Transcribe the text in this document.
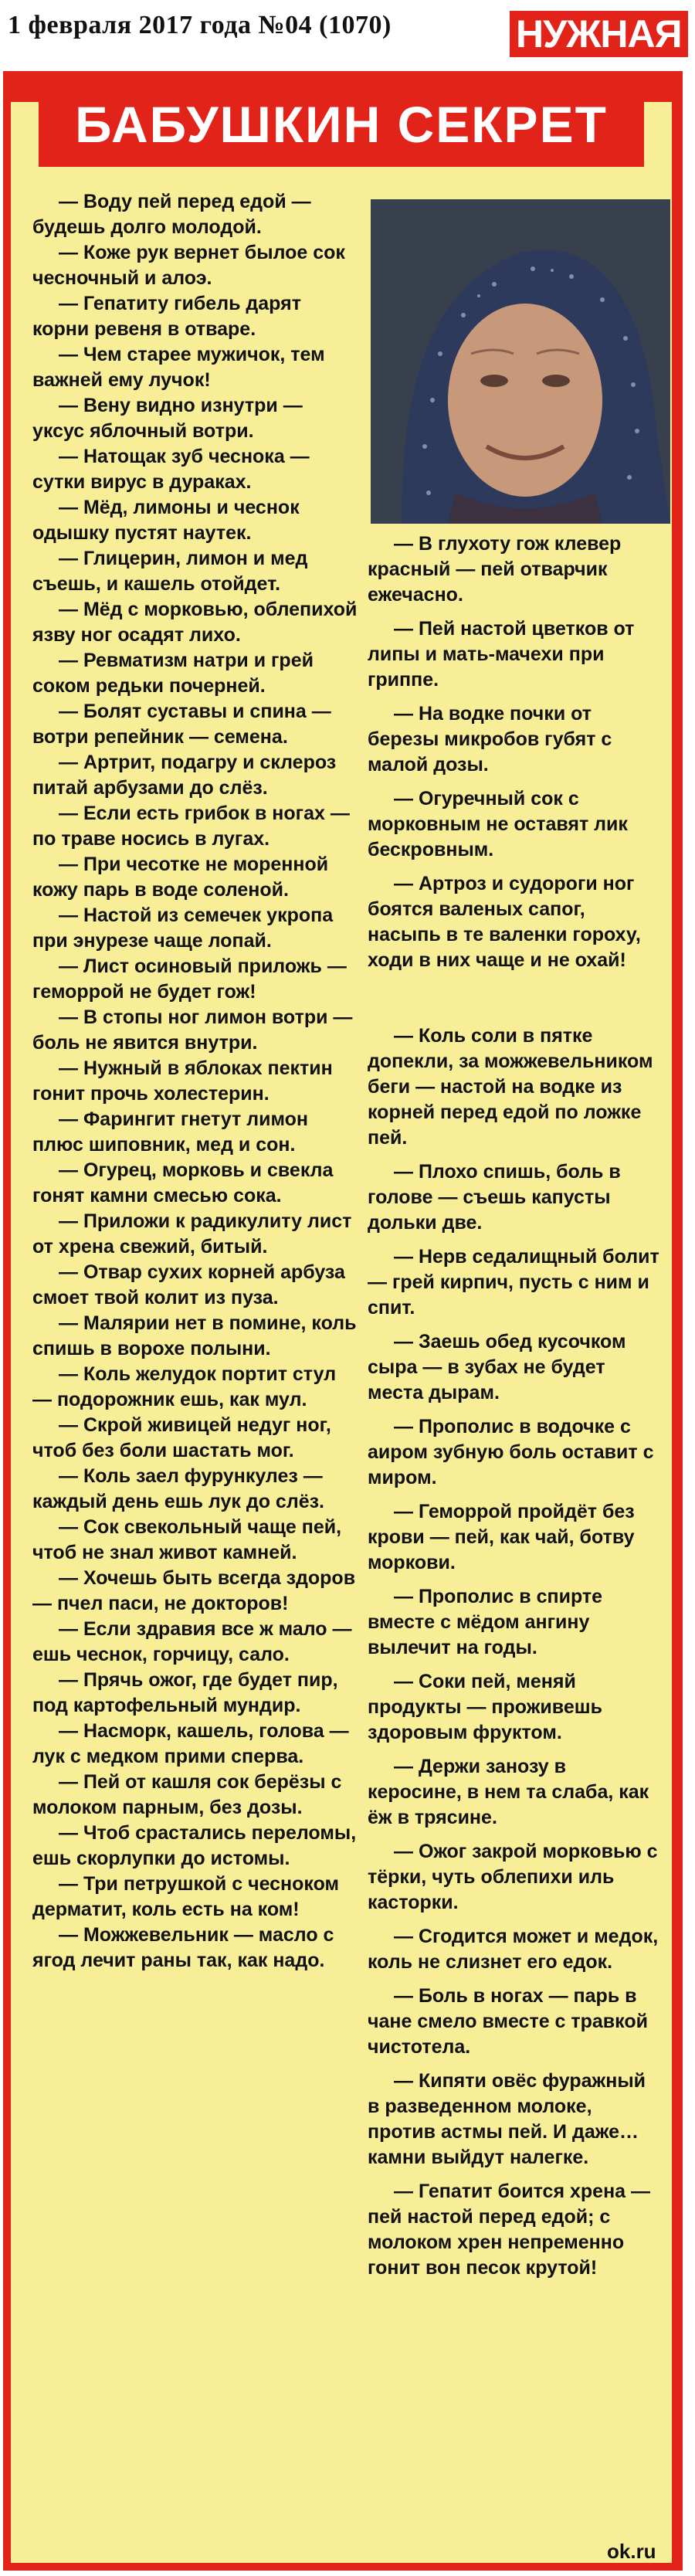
1 февраля 2017 года №04 (1070)	НУЖНАЯ
БАБУШКИН СЕКРЕТ

— Воду пей перед едой — будешь долго молодой.

— Коже рук вернет былое сок чесночный и алоэ.

— Гепатиту гибель дарят корни ревеня в отваре.

— Чем старее мужичок, тем важней ему лучок!

— Вену видно изнутри — уксус яблочный вотри.

— Натощак зуб чеснока — сутки вирус в дураках.

— Мёд, лимоны и чеснок одышку пустят наутек.

— Глицерин, лимон и мед съешь, и кашель отойдет.

— Мёд с морковью, облепихой язву ног осадят лихо.

— Ревматизм натри и грей соком редьки почерней.

— Болят суставы и спина — вотри репейник — семена.

— Артрит, подагру и склероз питай арбузами до слёз.

— Если есть грибок в ногах — по траве носись в лугах.

— При чесотке не моренной кожу парь в воде соленой.

— Настой из семечек укропа при энурезе чаще лопай.

— Лист осиновый приложь — геморрой не будет гож!

— В стопы ног лимон вотри — боль не явится внутри.

— Нужный в яблоках пектин гонит прочь холестерин.

— Фарингит гнетут лимон плюс шиповник, мед и сон.

— Огурец, морковь и свекла гонят камни смесью сока.

— Приложи к радикулиту лист от хрена свежий, битый.

— Отвар сухих корней арбуза смоет твой колит из пуза.

— Малярии нет в помине, коль спишь в ворохе полыни.

— Коль желудок портит стул — подорожник ешь, как мул.

— Скрой живицей недуг ног, чтоб без боли шастать мог.

— Коль заел фурункулез — каждый день ешь лук до слёз.

— Сок свекольный чаще пей, чтоб не знал живот камней.

— Хочешь быть всегда здоров — пчел паси, не докторов!

— Если здравия все ж мало — ешь чеснок, горчицу, сало.

— Прячь ожог, где будет пир, под картофельный мундир.

— Насморк, кашель, голова — лук с медком прими сперва.

— Пей от кашля сок берёзы с молоком парным, без дозы.

— Чтоб срастались переломы, ешь скорлупки до истомы.

— Три петрушкой с чесноком дерматит, коль есть на ком!

— Можжевельник — масло с ягод лечит раны так, как надо.

— В глухоту гож клевер красный — пей отварчик ежечасно.

— Пей настой цветков от липы и мать-мачехи при гриппе.

— На водке почки от березы микробов губят с малой дозы.

— Огуречный сок с морковным не оставят лик бескровным.

— Артроз и судороги ног боятся валеных сапог, насыпь в те валенки гороху, ходи в них чаще и не охай!

— Коль соли в пятке допекли, за можжевельником беги — настой на водке из корней перед едой по ложке пей.

— Плохо спишь, боль в голове — съешь капусты дольки две.

— Нерв седалищный болит — грей кирпич, пусть с ним и спит.

— Заешь обед кусочком сыра — в зубах не будет места дырам.

— Прополис в водочке с аиром зубную боль оставит с миром.

— Геморрой пройдёт без крови — пей, как чай, ботву моркови.

— Прополис в спирте вместе с мёдом ангину вылечит на годы.

— Соки пей, меняй продукты — проживешь здоровым фруктом.

— Держи занозу в керосине, в нем та слаба, как ёж в трясине.

— Ожог закрой морковью с тёрки, чуть облепихи иль касторки.

— Сгодится может и медок, коль не слизнет его едок.

— Боль в ногах — парь в чане смело вместе с травкой чистотела.

— Кипяти овёс фуражный в разведенном молоке, против астмы пей. И даже… камни выйдут налегке.

— Гепатит боится хрена — пей настой перед едой; с молоком хрен непременно гонит вон песок крутой!

ok.ru
